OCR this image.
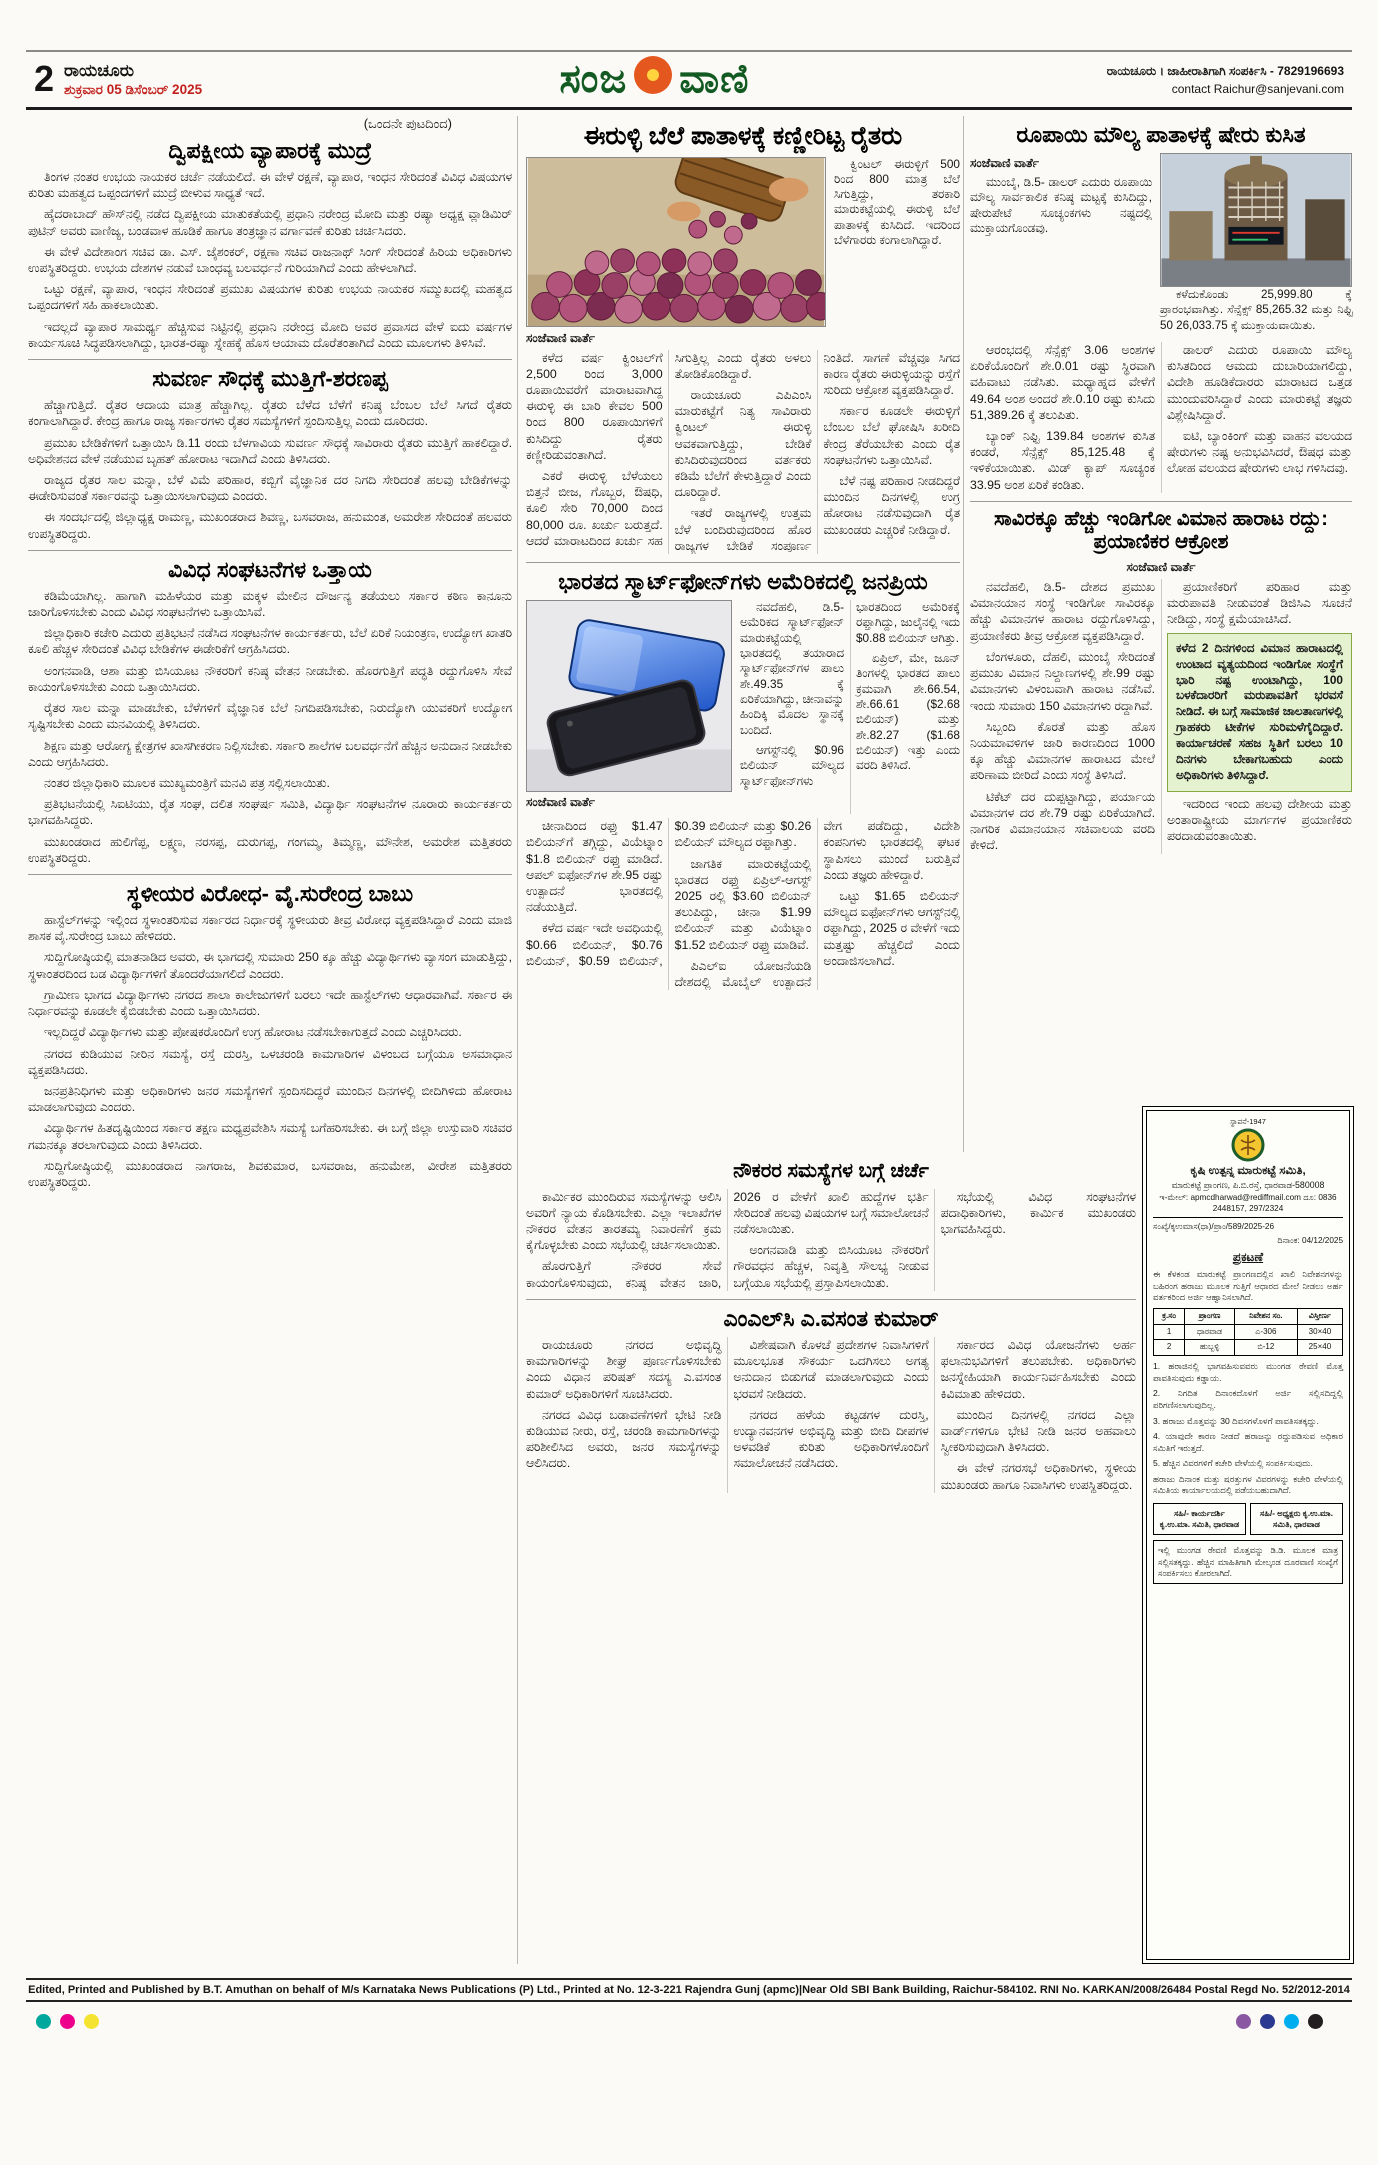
2 ರಾಯಚೂರು
ಶುಕ್ರವಾರ 05 ಡಿಸೆಂಬರ್ 2025	ಸಂಜ ವಾಣಿ	ರಾಯಚೂರು । ಜಾಹೀರಾತಿಗಾಗಿ ಸಂಪರ್ಕಿಸಿ - 7829196693
contact Raichur@sanjevani.com
(ಒಂದನೇ ಪುಟದಿಂದ)
ದ್ವಿಪಕ್ಷೀಯ ವ್ಯಾಪಾರಕ್ಕೆ ಮುದ್ರೆ

ತಿಂಗಳ ನಂತರ ಉಭಯ ನಾಯಕರ ಚರ್ಚೆ ನಡೆಯಲಿದೆ. ಈ ವೇಳೆ ರಕ್ಷಣೆ, ವ್ಯಾಪಾರ, ಇಂಧನ ಸೇರಿದಂತೆ ವಿವಿಧ ವಿಷಯಗಳ ಕುರಿತು ಮಹತ್ವದ ಒಪ್ಪಂದಗಳಿಗೆ ಮುದ್ರೆ ಬೀಳುವ ಸಾಧ್ಯತೆ ಇದೆ.

ಹೈದರಾಬಾದ್ ಹೌಸ್‌ನಲ್ಲಿ ನಡೆದ ದ್ವಿಪಕ್ಷೀಯ ಮಾತುಕತೆಯಲ್ಲಿ ಪ್ರಧಾನಿ ನರೇಂದ್ರ ಮೋದಿ ಮತ್ತು ರಷ್ಯಾ ಅಧ್ಯಕ್ಷ ವ್ಲಾಡಿಮಿರ್ ಪುಟಿನ್ ಅವರು ವಾಣಿಜ್ಯ, ಬಂಡವಾಳ ಹೂಡಿಕೆ ಹಾಗೂ ತಂತ್ರಜ್ಞಾನ ವರ್ಗಾವಣೆ ಕುರಿತು ಚರ್ಚಿಸಿದರು.

ಈ ವೇಳೆ ವಿದೇಶಾಂಗ ಸಚಿವ ಡಾ. ಎಸ್. ಜೈಶಂಕರ್, ರಕ್ಷಣಾ ಸಚಿವ ರಾಜನಾಥ್ ಸಿಂಗ್ ಸೇರಿದಂತೆ ಹಿರಿಯ ಅಧಿಕಾರಿಗಳು ಉಪಸ್ಥಿತರಿದ್ದರು. ಉಭಯ ದೇಶಗಳ ನಡುವೆ ಬಾಂಧವ್ಯ ಬಲವರ್ಧನೆ ಗುರಿಯಾಗಿದೆ ಎಂದು ಹೇಳಲಾಗಿದೆ.

ಒಟ್ಟು ರಕ್ಷಣೆ, ವ್ಯಾಪಾರ, ಇಂಧನ ಸೇರಿದಂತೆ ಪ್ರಮುಖ ವಿಷಯಗಳ ಕುರಿತು ಉಭಯ ನಾಯಕರ ಸಮ್ಮುಖದಲ್ಲಿ ಮಹತ್ವದ ಒಪ್ಪಂದಗಳಿಗೆ ಸಹಿ ಹಾಕಲಾಯಿತು.

ಇದಲ್ಲದೆ ವ್ಯಾಪಾರ ಸಾಮರ್ಥ್ಯ ಹೆಚ್ಚಿಸುವ ನಿಟ್ಟಿನಲ್ಲಿ ಪ್ರಧಾನಿ ನರೇಂದ್ರ ಮೋದಿ ಅವರ ಪ್ರವಾಸದ ವೇಳೆ ಐದು ವರ್ಷಗಳ ಕಾರ್ಯಸೂಚಿ ಸಿದ್ಧಪಡಿಸಲಾಗಿದ್ದು, ಭಾರತ-ರಷ್ಯಾ ಸ್ನೇಹಕ್ಕೆ ಹೊಸ ಆಯಾಮ ದೊರೆತಂತಾಗಿದೆ ಎಂದು ಮೂಲಗಳು ತಿಳಿಸಿವೆ.

ಸುವರ್ಣ ಸೌಧಕ್ಕೆ ಮುತ್ತಿಗೆ-ಶರಣಪ್ಪ

ಹೆಚ್ಚಾಗುತ್ತಿದೆ. ರೈತರ ಆದಾಯ ಮಾತ್ರ ಹೆಚ್ಚಾಗಿಲ್ಲ. ರೈತರು ಬೆಳೆದ ಬೆಳೆಗೆ ಕನಿಷ್ಠ ಬೆಂಬಲ ಬೆಲೆ ಸಿಗದೆ ರೈತರು ಕಂಗಾಲಾಗಿದ್ದಾರೆ. ಕೇಂದ್ರ ಹಾಗೂ ರಾಜ್ಯ ಸರ್ಕಾರಗಳು ರೈತರ ಸಮಸ್ಯೆಗಳಿಗೆ ಸ್ಪಂದಿಸುತ್ತಿಲ್ಲ ಎಂದು ದೂರಿದರು.

ಪ್ರಮುಖ ಬೇಡಿಕೆಗಳಿಗೆ ಒತ್ತಾಯಿಸಿ ಡಿ.11 ರಂದು ಬೆಳಗಾವಿಯ ಸುವರ್ಣ ಸೌಧಕ್ಕೆ ಸಾವಿರಾರು ರೈತರು ಮುತ್ತಿಗೆ ಹಾಕಲಿದ್ದಾರೆ. ಅಧಿವೇಶನದ ವೇಳೆ ನಡೆಯುವ ಬೃಹತ್ ಹೋರಾಟ ಇದಾಗಿದೆ ಎಂದು ತಿಳಿಸಿದರು.

ರಾಜ್ಯದ ರೈತರ ಸಾಲ ಮನ್ನಾ, ಬೆಳೆ ವಿಮೆ ಪರಿಹಾರ, ಕಬ್ಬಿಗೆ ವೈಜ್ಞಾನಿಕ ದರ ನಿಗದಿ ಸೇರಿದಂತೆ ಹಲವು ಬೇಡಿಕೆಗಳನ್ನು ಈಡೇರಿಸುವಂತೆ ಸರ್ಕಾರವನ್ನು ಒತ್ತಾಯಿಸಲಾಗುವುದು ಎಂದರು.

ಈ ಸಂದರ್ಭದಲ್ಲಿ ಜಿಲ್ಲಾಧ್ಯಕ್ಷ ರಾಮಣ್ಣ, ಮುಖಂಡರಾದ ಶಿವಣ್ಣ, ಬಸವರಾಜ, ಹನುಮಂತ, ಅಮರೇಶ ಸೇರಿದಂತೆ ಹಲವರು ಉಪಸ್ಥಿತರಿದ್ದರು.

ವಿವಿಧ ಸಂಘಟನೆಗಳ ಒತ್ತಾಯ

ಕಡಿಮೆಯಾಗಿಲ್ಲ. ಹಾಗಾಗಿ ಮಹಿಳೆಯರ ಮತ್ತು ಮಕ್ಕಳ ಮೇಲಿನ ದೌರ್ಜನ್ಯ ತಡೆಯಲು ಸರ್ಕಾರ ಕಠಿಣ ಕಾನೂನು ಜಾರಿಗೊಳಿಸಬೇಕು ಎಂದು ವಿವಿಧ ಸಂಘಟನೆಗಳು ಒತ್ತಾಯಿಸಿವೆ.

ಜಿಲ್ಲಾಧಿಕಾರಿ ಕಚೇರಿ ಎದುರು ಪ್ರತಿಭಟನೆ ನಡೆಸಿದ ಸಂಘಟನೆಗಳ ಕಾರ್ಯಕರ್ತರು, ಬೆಲೆ ಏರಿಕೆ ನಿಯಂತ್ರಣ, ಉದ್ಯೋಗ ಖಾತರಿ ಕೂಲಿ ಹೆಚ್ಚಳ ಸೇರಿದಂತೆ ವಿವಿಧ ಬೇಡಿಕೆಗಳ ಈಡೇರಿಕೆಗೆ ಆಗ್ರಹಿಸಿದರು.

ಅಂಗನವಾಡಿ, ಆಶಾ ಮತ್ತು ಬಿಸಿಯೂಟ ನೌಕರರಿಗೆ ಕನಿಷ್ಠ ವೇತನ ನೀಡಬೇಕು. ಹೊರಗುತ್ತಿಗೆ ಪದ್ಧತಿ ರದ್ದುಗೊಳಿಸಿ ಸೇವೆ ಕಾಯಂಗೊಳಿಸಬೇಕು ಎಂದು ಒತ್ತಾಯಿಸಿದರು.

ರೈತರ ಸಾಲ ಮನ್ನಾ ಮಾಡಬೇಕು, ಬೆಳೆಗಳಿಗೆ ವೈಜ್ಞಾನಿಕ ಬೆಲೆ ನಿಗದಿಪಡಿಸಬೇಕು, ನಿರುದ್ಯೋಗಿ ಯುವಕರಿಗೆ ಉದ್ಯೋಗ ಸೃಷ್ಟಿಸಬೇಕು ಎಂದು ಮನವಿಯಲ್ಲಿ ತಿಳಿಸಿದರು.

ಶಿಕ್ಷಣ ಮತ್ತು ಆರೋಗ್ಯ ಕ್ಷೇತ್ರಗಳ ಖಾಸಗೀಕರಣ ನಿಲ್ಲಿಸಬೇಕು. ಸರ್ಕಾರಿ ಶಾಲೆಗಳ ಬಲವರ್ಧನೆಗೆ ಹೆಚ್ಚಿನ ಅನುದಾನ ನೀಡಬೇಕು ಎಂದು ಆಗ್ರಹಿಸಿದರು.

ನಂತರ ಜಿಲ್ಲಾಧಿಕಾರಿ ಮೂಲಕ ಮುಖ್ಯಮಂತ್ರಿಗೆ ಮನವಿ ಪತ್ರ ಸಲ್ಲಿಸಲಾಯಿತು.

ಪ್ರತಿಭಟನೆಯಲ್ಲಿ ಸಿಐಟಿಯು, ರೈತ ಸಂಘ, ದಲಿತ ಸಂಘರ್ಷ ಸಮಿತಿ, ವಿದ್ಯಾರ್ಥಿ ಸಂಘಟನೆಗಳ ನೂರಾರು ಕಾರ್ಯಕರ್ತರು ಭಾಗವಹಿಸಿದ್ದರು.

ಮುಖಂಡರಾದ ಹುಲಿಗೆಪ್ಪ, ಲಕ್ಷ್ಮಣ, ನರಸಪ್ಪ, ದುರುಗಪ್ಪ, ಗಂಗಮ್ಮ, ತಿಮ್ಮಣ್ಣ, ಮೌನೇಶ, ಅಮರೇಶ ಮತ್ತಿತರರು ಉಪಸ್ಥಿತರಿದ್ದರು.

ಸ್ಥಳೀಯರ ವಿರೋಧ- ವೈ.ಸುರೇಂದ್ರ ಬಾಬು

ಹಾಸ್ಟೆಲ್‌ಗಳನ್ನು ಇಲ್ಲಿಂದ ಸ್ಥಳಾಂತರಿಸುವ ಸರ್ಕಾರದ ನಿರ್ಧಾರಕ್ಕೆ ಸ್ಥಳೀಯರು ತೀವ್ರ ವಿರೋಧ ವ್ಯಕ್ತಪಡಿಸಿದ್ದಾರೆ ಎಂದು ಮಾಜಿ ಶಾಸಕ ವೈ.ಸುರೇಂದ್ರ ಬಾಬು ಹೇಳಿದರು.

ಸುದ್ದಿಗೋಷ್ಠಿಯಲ್ಲಿ ಮಾತನಾಡಿದ ಅವರು, ಈ ಭಾಗದಲ್ಲಿ ಸುಮಾರು 250 ಕ್ಕೂ ಹೆಚ್ಚು ವಿದ್ಯಾರ್ಥಿಗಳು ವ್ಯಾಸಂಗ ಮಾಡುತ್ತಿದ್ದು, ಸ್ಥಳಾಂತರದಿಂದ ಬಡ ವಿದ್ಯಾರ್ಥಿಗಳಿಗೆ ತೊಂದರೆಯಾಗಲಿದೆ ಎಂದರು.

ಗ್ರಾಮೀಣ ಭಾಗದ ವಿದ್ಯಾರ್ಥಿಗಳು ನಗರದ ಶಾಲಾ ಕಾಲೇಜುಗಳಿಗೆ ಬರಲು ಇದೇ ಹಾಸ್ಟೆಲ್‌ಗಳು ಆಧಾರವಾಗಿವೆ. ಸರ್ಕಾರ ಈ ನಿರ್ಧಾರವನ್ನು ಕೂಡಲೇ ಕೈಬಿಡಬೇಕು ಎಂದು ಒತ್ತಾಯಿಸಿದರು.

ಇಲ್ಲದಿದ್ದರೆ ವಿದ್ಯಾರ್ಥಿಗಳು ಮತ್ತು ಪೋಷಕರೊಂದಿಗೆ ಉಗ್ರ ಹೋರಾಟ ನಡೆಸಬೇಕಾಗುತ್ತದೆ ಎಂದು ಎಚ್ಚರಿಸಿದರು.

ನಗರದ ಕುಡಿಯುವ ನೀರಿನ ಸಮಸ್ಯೆ, ರಸ್ತೆ ದುರಸ್ತಿ, ಒಳಚರಂಡಿ ಕಾಮಗಾರಿಗಳ ವಿಳಂಬದ ಬಗ್ಗೆಯೂ ಅಸಮಾಧಾನ ವ್ಯಕ್ತಪಡಿಸಿದರು.

ಜನಪ್ರತಿನಿಧಿಗಳು ಮತ್ತು ಅಧಿಕಾರಿಗಳು ಜನರ ಸಮಸ್ಯೆಗಳಿಗೆ ಸ್ಪಂದಿಸದಿದ್ದರೆ ಮುಂದಿನ ದಿನಗಳಲ್ಲಿ ಬೀದಿಗಿಳಿದು ಹೋರಾಟ ಮಾಡಲಾಗುವುದು ಎಂದರು.

ವಿದ್ಯಾರ್ಥಿಗಳ ಹಿತದೃಷ್ಟಿಯಿಂದ ಸರ್ಕಾರ ತಕ್ಷಣ ಮಧ್ಯಪ್ರವೇಶಿಸಿ ಸಮಸ್ಯೆ ಬಗೆಹರಿಸಬೇಕು. ಈ ಬಗ್ಗೆ ಜಿಲ್ಲಾ ಉಸ್ತುವಾರಿ ಸಚಿವರ ಗಮನಕ್ಕೂ ತರಲಾಗುವುದು ಎಂದು ತಿಳಿಸಿದರು.

ಸುದ್ದಿಗೋಷ್ಠಿಯಲ್ಲಿ ಮುಖಂಡರಾದ ನಾಗರಾಜ, ಶಿವಕುಮಾರ, ಬಸವರಾಜ, ಹನುಮೇಶ, ವೀರೇಶ ಮತ್ತಿತರರು ಉಪಸ್ಥಿತರಿದ್ದರು.

ಈರುಳ್ಳಿ ಬೆಲೆ ಪಾತಾಳಕ್ಕೆ ಕಣ್ಣೀರಿಟ್ಟ ರೈತರು

ಕ್ವಿಂಟಲ್ ಈರುಳ್ಳಿಗೆ 500 ರಿಂದ 800 ಮಾತ್ರ ಬೆಲೆ ಸಿಗುತ್ತಿದ್ದು, ತರಕಾರಿ ಮಾರುಕಟ್ಟೆಯಲ್ಲಿ ಈರುಳ್ಳಿ ಬೆಲೆ ಪಾತಾಳಕ್ಕೆ ಕುಸಿದಿದೆ. ಇದರಿಂದ ಬೆಳೆಗಾರರು ಕಂಗಾಲಾಗಿದ್ದಾರೆ.

ಸಂಜೆವಾಣಿ ವಾರ್ತೆ

ಕಳೆದ ವರ್ಷ ಕ್ವಿಂಟಲ್‌ಗೆ 2,500 ರಿಂದ 3,000 ರೂಪಾಯಿವರೆಗೆ ಮಾರಾಟವಾಗಿದ್ದ ಈರುಳ್ಳಿ ಈ ಬಾರಿ ಕೇವಲ 500 ರಿಂದ 800 ರೂಪಾಯಿಗಳಿಗೆ ಕುಸಿದಿದ್ದು ರೈತರು ಕಣ್ಣೀರಿಡುವಂತಾಗಿದೆ.

ಎಕರೆ ಈರುಳ್ಳಿ ಬೆಳೆಯಲು ಬಿತ್ತನೆ ಬೀಜ, ಗೊಬ್ಬರ, ಔಷಧಿ, ಕೂಲಿ ಸೇರಿ 70,000 ದಿಂದ 80,000 ರೂ. ಖರ್ಚು ಬರುತ್ತದೆ. ಆದರೆ ಮಾರಾಟದಿಂದ ಖರ್ಚು ಸಹ ಸಿಗುತ್ತಿಲ್ಲ ಎಂದು ರೈತರು ಅಳಲು ತೋಡಿಕೊಂಡಿದ್ದಾರೆ.

ರಾಯಚೂರು ಎಪಿಎಂಸಿ ಮಾರುಕಟ್ಟೆಗೆ ನಿತ್ಯ ಸಾವಿರಾರು ಕ್ವಿಂಟಲ್ ಈರುಳ್ಳಿ ಆವಕವಾಗುತ್ತಿದ್ದು, ಬೇಡಿಕೆ ಕುಸಿದಿರುವುದರಿಂದ ವರ್ತಕರು ಕಡಿಮೆ ಬೆಲೆಗೆ ಕೇಳುತ್ತಿದ್ದಾರೆ ಎಂದು ದೂರಿದ್ದಾರೆ.

ಇತರೆ ರಾಜ್ಯಗಳಲ್ಲಿ ಉತ್ತಮ ಬೆಳೆ ಬಂದಿರುವುದರಿಂದ ಹೊರ ರಾಜ್ಯಗಳ ಬೇಡಿಕೆ ಸಂಪೂರ್ಣ ನಿಂತಿದೆ. ಸಾಗಣೆ ವೆಚ್ಚವೂ ಸಿಗದ ಕಾರಣ ರೈತರು ಈರುಳ್ಳಿಯನ್ನು ರಸ್ತೆಗೆ ಸುರಿದು ಆಕ್ರೋಶ ವ್ಯಕ್ತಪಡಿಸಿದ್ದಾರೆ.

ಸರ್ಕಾರ ಕೂಡಲೇ ಈರುಳ್ಳಿಗೆ ಬೆಂಬಲ ಬೆಲೆ ಘೋಷಿಸಿ ಖರೀದಿ ಕೇಂದ್ರ ತೆರೆಯಬೇಕು ಎಂದು ರೈತ ಸಂಘಟನೆಗಳು ಒತ್ತಾಯಿಸಿವೆ.

ಬೆಳೆ ನಷ್ಟ ಪರಿಹಾರ ನೀಡದಿದ್ದರೆ ಮುಂದಿನ ದಿನಗಳಲ್ಲಿ ಉಗ್ರ ಹೋರಾಟ ನಡೆಸುವುದಾಗಿ ರೈತ ಮುಖಂಡರು ಎಚ್ಚರಿಕೆ ನೀಡಿದ್ದಾರೆ.

ಭಾರತದ ಸ್ಮಾರ್ಟ್‌ಫೋನ್‌ಗಳು ಅಮೆರಿಕದಲ್ಲಿ ಜನಪ್ರಿಯ
ಸಂಜೆವಾಣಿ ವಾರ್ತೆ

ನವದೆಹಲಿ, ಡಿ.5- ಅಮೆರಿಕದ ಸ್ಮಾರ್ಟ್‌ಫೋನ್ ಮಾರುಕಟ್ಟೆಯಲ್ಲಿ ಭಾರತದಲ್ಲಿ ತಯಾರಾದ ಸ್ಮಾರ್ಟ್‌ಫೋನ್‌ಗಳ ಪಾಲು ಶೇ.49.35 ಕ್ಕೆ ಏರಿಕೆಯಾಗಿದ್ದು, ಚೀನಾವನ್ನು ಹಿಂದಿಕ್ಕಿ ಮೊದಲ ಸ್ಥಾನಕ್ಕೆ ಬಂದಿದೆ.

ಆಗಸ್ಟ್‌ನಲ್ಲಿ $0.96 ಬಿಲಿಯನ್ ಮೌಲ್ಯದ ಸ್ಮಾರ್ಟ್‌ಫೋನ್‌ಗಳು ಭಾರತದಿಂದ ಅಮೆರಿಕಕ್ಕೆ ರಫ್ತಾಗಿದ್ದು, ಜುಲೈನಲ್ಲಿ ಇದು $0.88 ಬಿಲಿಯನ್ ಆಗಿತ್ತು.

ಏಪ್ರಿಲ್, ಮೇ, ಜೂನ್ ತಿಂಗಳಲ್ಲಿ ಭಾರತದ ಪಾಲು ಕ್ರಮವಾಗಿ ಶೇ.66.54, ಶೇ.66.61 ($2.68 ಬಿಲಿಯನ್) ಮತ್ತು ಶೇ.82.27 ($1.68 ಬಿಲಿಯನ್) ಇತ್ತು ಎಂದು ವರದಿ ತಿಳಿಸಿದೆ.

ಚೀನಾದಿಂದ ರಫ್ತು $1.47 ಬಿಲಿಯನ್‌ಗೆ ತಗ್ಗಿದ್ದು, ವಿಯೆಟ್ನಾಂ $1.8 ಬಿಲಿಯನ್ ರಫ್ತು ಮಾಡಿದೆ. ಆಪಲ್ ಐಫೋನ್‌ಗಳ ಶೇ.95 ರಷ್ಟು ಉತ್ಪಾದನೆ ಭಾರತದಲ್ಲಿ ನಡೆಯುತ್ತಿದೆ.

ಕಳೆದ ವರ್ಷ ಇದೇ ಅವಧಿಯಲ್ಲಿ $0.66 ಬಿಲಿಯನ್, $0.76 ಬಿಲಿಯನ್, $0.59 ಬಿಲಿಯನ್, $0.39 ಬಿಲಿಯನ್ ಮತ್ತು $0.26 ಬಿಲಿಯನ್ ಮೌಲ್ಯದ ರಫ್ತಾಗಿತ್ತು.

ಜಾಗತಿಕ ಮಾರುಕಟ್ಟೆಯಲ್ಲಿ ಭಾರತದ ರಫ್ತು ಏಪ್ರಿಲ್-ಆಗಸ್ಟ್ 2025 ರಲ್ಲಿ $3.60 ಬಿಲಿಯನ್ ತಲುಪಿದ್ದು, ಚೀನಾ $1.99 ಬಿಲಿಯನ್ ಮತ್ತು ವಿಯೆಟ್ನಾಂ $1.52 ಬಿಲಿಯನ್ ರಫ್ತು ಮಾಡಿವೆ.

ಪಿಎಲ್‌ಐ ಯೋಜನೆಯಡಿ ದೇಶದಲ್ಲಿ ಮೊಬೈಲ್ ಉತ್ಪಾದನೆ ವೇಗ ಪಡೆದಿದ್ದು, ವಿದೇಶಿ ಕಂಪನಿಗಳು ಭಾರತದಲ್ಲಿ ಘಟಕ ಸ್ಥಾಪಿಸಲು ಮುಂದೆ ಬರುತ್ತಿವೆ ಎಂದು ತಜ್ಞರು ಹೇಳಿದ್ದಾರೆ.

ಒಟ್ಟು $1.65 ಬಿಲಿಯನ್ ಮೌಲ್ಯದ ಐಫೋನ್‌ಗಳು ಆಗಸ್ಟ್‌ನಲ್ಲಿ ರಫ್ತಾಗಿದ್ದು, 2025 ರ ವೇಳೆಗೆ ಇದು ಮತ್ತಷ್ಟು ಹೆಚ್ಚಲಿದೆ ಎಂದು ಅಂದಾಜಿಸಲಾಗಿದೆ.

ರೂಪಾಯಿ ಮೌಲ್ಯ ಪಾತಾಳಕ್ಕೆ ಷೇರು ಕುಸಿತ
ಸಂಜೆವಾಣಿ ವಾರ್ತೆ

ಮುಂಬೈ, ಡಿ.5- ಡಾಲರ್ ಎದುರು ರೂಪಾಯಿ ಮೌಲ್ಯ ಸಾರ್ವಕಾಲಿಕ ಕನಿಷ್ಠ ಮಟ್ಟಕ್ಕೆ ಕುಸಿದಿದ್ದು, ಷೇರುಪೇಟೆ ಸೂಚ್ಯಂಕಗಳು ನಷ್ಟದಲ್ಲಿ ಮುಕ್ತಾಯಗೊಂಡವು.

ಕಳೆದುಕೊಂಡು 25,999.80 ಕ್ಕೆ ಪ್ರಾರಂಭವಾಗಿತ್ತು. ಸೆನ್ಸೆಕ್ಸ್ 85,265.32 ಮತ್ತು ನಿಫ್ಟಿ 50 26,033.75 ಕ್ಕೆ ಮುಕ್ತಾಯವಾಯಿತು.

ಆರಂಭದಲ್ಲಿ ಸೆನ್ಸೆಕ್ಸ್ 3.06 ಅಂಶಗಳ ಏರಿಕೆಯೊಂದಿಗೆ ಶೇ.0.01 ರಷ್ಟು ಸ್ಥಿರವಾಗಿ ವಹಿವಾಟು ನಡೆಸಿತು. ಮಧ್ಯಾಹ್ನದ ವೇಳೆಗೆ 49.64 ಅಂಶ ಅಂದರೆ ಶೇ.0.10 ರಷ್ಟು ಕುಸಿದು 51,389.26 ಕ್ಕೆ ತಲುಪಿತು.

ಬ್ಯಾಂಕ್ ನಿಫ್ಟಿ 139.84 ಅಂಶಗಳ ಕುಸಿತ ಕಂಡರೆ, ಸೆನ್ಸೆಕ್ಸ್ 85,125.48 ಕ್ಕೆ ಇಳಿಕೆಯಾಯಿತು. ಮಿಡ್ ಕ್ಯಾಪ್ ಸೂಚ್ಯಂಕ 33.95 ಅಂಶ ಏರಿಕೆ ಕಂಡಿತು.

ಡಾಲರ್ ಎದುರು ರೂಪಾಯಿ ಮೌಲ್ಯ ಕುಸಿತದಿಂದ ಆಮದು ದುಬಾರಿಯಾಗಲಿದ್ದು, ವಿದೇಶಿ ಹೂಡಿಕೆದಾರರು ಮಾರಾಟದ ಒತ್ತಡ ಮುಂದುವರಿಸಿದ್ದಾರೆ ಎಂದು ಮಾರುಕಟ್ಟೆ ತಜ್ಞರು ವಿಶ್ಲೇಷಿಸಿದ್ದಾರೆ.

ಐಟಿ, ಬ್ಯಾಂಕಿಂಗ್ ಮತ್ತು ವಾಹನ ವಲಯದ ಷೇರುಗಳು ನಷ್ಟ ಅನುಭವಿಸಿದರೆ, ಔಷಧ ಮತ್ತು ಲೋಹ ವಲಯದ ಷೇರುಗಳು ಲಾಭ ಗಳಿಸಿದವು.

ಸಾವಿರಕ್ಕೂ ಹೆಚ್ಚು ಇಂಡಿಗೋ ವಿಮಾನ ಹಾರಾಟ ರದ್ದು: ಪ್ರಯಾಣಿಕರ ಆಕ್ರೋಶ
ಸಂಜೆವಾಣಿ ವಾರ್ತೆ

ನವದೆಹಲಿ, ಡಿ.5- ದೇಶದ ಪ್ರಮುಖ ವಿಮಾನಯಾನ ಸಂಸ್ಥೆ ಇಂಡಿಗೋ ಸಾವಿರಕ್ಕೂ ಹೆಚ್ಚು ವಿಮಾನಗಳ ಹಾರಾಟ ರದ್ದುಗೊಳಿಸಿದ್ದು, ಪ್ರಯಾಣಿಕರು ತೀವ್ರ ಆಕ್ರೋಶ ವ್ಯಕ್ತಪಡಿಸಿದ್ದಾರೆ.

ಬೆಂಗಳೂರು, ದೆಹಲಿ, ಮುಂಬೈ ಸೇರಿದಂತೆ ಪ್ರಮುಖ ವಿಮಾನ ನಿಲ್ದಾಣಗಳಲ್ಲಿ ಶೇ.99 ರಷ್ಟು ವಿಮಾನಗಳು ವಿಳಂಬವಾಗಿ ಹಾರಾಟ ನಡೆಸಿವೆ. ಇಂದು ಸುಮಾರು 150 ವಿಮಾನಗಳು ರದ್ದಾಗಿವೆ.

ಸಿಬ್ಬಂದಿ ಕೊರತೆ ಮತ್ತು ಹೊಸ ನಿಯಮಾವಳಿಗಳ ಜಾರಿ ಕಾರಣದಿಂದ 1000 ಕ್ಕೂ ಹೆಚ್ಚು ವಿಮಾನಗಳ ಹಾರಾಟದ ಮೇಲೆ ಪರಿಣಾಮ ಬೀರಿದೆ ಎಂದು ಸಂಸ್ಥೆ ತಿಳಿಸಿದೆ.

ಟಿಕೆಟ್ ದರ ದುಪ್ಪಟ್ಟಾಗಿದ್ದು, ಪರ್ಯಾಯ ವಿಮಾನಗಳ ದರ ಶೇ.79 ರಷ್ಟು ಏರಿಕೆಯಾಗಿದೆ. ನಾಗರಿಕ ವಿಮಾನಯಾನ ಸಚಿವಾಲಯ ವರದಿ ಕೇಳಿದೆ.

ಪ್ರಯಾಣಿಕರಿಗೆ ಪರಿಹಾರ ಮತ್ತು ಮರುಪಾವತಿ ನೀಡುವಂತೆ ಡಿಜಿಸಿಎ ಸೂಚನೆ ನೀಡಿದ್ದು, ಸಂಸ್ಥೆ ಕ್ಷಮೆಯಾಚಿಸಿದೆ.

ಕಳೆದ 2 ದಿನಗಳಿಂದ ವಿಮಾನ ಹಾರಾಟದಲ್ಲಿ ಉಂಟಾದ ವ್ಯತ್ಯಯದಿಂದ ಇಂಡಿಗೋ ಸಂಸ್ಥೆಗೆ ಭಾರಿ ನಷ್ಟ ಉಂಟಾಗಿದ್ದು, 100 ಬಳಕೆದಾರರಿಗೆ ಮರುಪಾವತಿಗೆ ಭರವಸೆ ನೀಡಿದೆ. ಈ ಬಗ್ಗೆ ಸಾಮಾಜಿಕ ಜಾಲತಾಣಗಳಲ್ಲಿ ಗ್ರಾಹಕರು ಟೀಕೆಗಳ ಸುರಿಮಳೆಗೈದಿದ್ದಾರೆ. ಕಾರ್ಯಾಚರಣೆ ಸಹಜ ಸ್ಥಿತಿಗೆ ಬರಲು 10 ದಿನಗಳು ಬೇಕಾಗಬಹುದು ಎಂದು ಅಧಿಕಾರಿಗಳು ತಿಳಿಸಿದ್ದಾರೆ.

ಇದರಿಂದ ಇಂದು ಹಲವು ದೇಶೀಯ ಮತ್ತು ಅಂತಾರಾಷ್ಟ್ರೀಯ ಮಾರ್ಗಗಳ ಪ್ರಯಾಣಿಕರು ಪರದಾಡುವಂತಾಯಿತು.

ನೌಕರರ ಸಮಸ್ಯೆಗಳ ಬಗ್ಗೆ ಚರ್ಚೆ

ಕಾರ್ಮಿಕರ ಮುಂದಿರುವ ಸಮಸ್ಯೆಗಳನ್ನು ಆಲಿಸಿ ಅವರಿಗೆ ನ್ಯಾಯ ಕೊಡಿಸಬೇಕು. ಎಲ್ಲಾ ಇಲಾಖೆಗಳ ನೌಕರರ ವೇತನ ತಾರತಮ್ಯ ನಿವಾರಣೆಗೆ ಕ್ರಮ ಕೈಗೊಳ್ಳಬೇಕು ಎಂದು ಸಭೆಯಲ್ಲಿ ಚರ್ಚಿಸಲಾಯಿತು.

ಹೊರಗುತ್ತಿಗೆ ನೌಕರರ ಸೇವೆ ಕಾಯಂಗೊಳಿಸುವುದು, ಕನಿಷ್ಠ ವೇತನ ಜಾರಿ, 2026 ರ ವೇಳೆಗೆ ಖಾಲಿ ಹುದ್ದೆಗಳ ಭರ್ತಿ ಸೇರಿದಂತೆ ಹಲವು ವಿಷಯಗಳ ಬಗ್ಗೆ ಸಮಾಲೋಚನೆ ನಡೆಸಲಾಯಿತು.

ಅಂಗನವಾಡಿ ಮತ್ತು ಬಿಸಿಯೂಟ ನೌಕರರಿಗೆ ಗೌರವಧನ ಹೆಚ್ಚಳ, ನಿವೃತ್ತಿ ಸೌಲಭ್ಯ ನೀಡುವ ಬಗ್ಗೆಯೂ ಸಭೆಯಲ್ಲಿ ಪ್ರಸ್ತಾಪಿಸಲಾಯಿತು.

ಸಭೆಯಲ್ಲಿ ವಿವಿಧ ಸಂಘಟನೆಗಳ ಪದಾಧಿಕಾರಿಗಳು, ಕಾರ್ಮಿಕ ಮುಖಂಡರು ಭಾಗವಹಿಸಿದ್ದರು.

ಎಂಎಲ್‌ಸಿ ಎ.ವಸಂತ ಕುಮಾರ್

ರಾಯಚೂರು ನಗರದ ಅಭಿವೃದ್ಧಿ ಕಾಮಗಾರಿಗಳನ್ನು ಶೀಘ್ರ ಪೂರ್ಣಗೊಳಿಸಬೇಕು ಎಂದು ವಿಧಾನ ಪರಿಷತ್ ಸದಸ್ಯ ಎ.ವಸಂತ ಕುಮಾರ್ ಅಧಿಕಾರಿಗಳಿಗೆ ಸೂಚಿಸಿದರು.

ನಗರದ ವಿವಿಧ ಬಡಾವಣೆಗಳಿಗೆ ಭೇಟಿ ನೀಡಿ ಕುಡಿಯುವ ನೀರು, ರಸ್ತೆ, ಚರಂಡಿ ಕಾಮಗಾರಿಗಳನ್ನು ಪರಿಶೀಲಿಸಿದ ಅವರು, ಜನರ ಸಮಸ್ಯೆಗಳನ್ನು ಆಲಿಸಿದರು.

ವಿಶೇಷವಾಗಿ ಕೊಳಚೆ ಪ್ರದೇಶಗಳ ನಿವಾಸಿಗಳಿಗೆ ಮೂಲಭೂತ ಸೌಕರ್ಯ ಒದಗಿಸಲು ಅಗತ್ಯ ಅನುದಾನ ಬಿಡುಗಡೆ ಮಾಡಲಾಗುವುದು ಎಂದು ಭರವಸೆ ನೀಡಿದರು.

ನಗರದ ಹಳೆಯ ಕಟ್ಟಡಗಳ ದುರಸ್ತಿ, ಉದ್ಯಾನವನಗಳ ಅಭಿವೃದ್ಧಿ ಮತ್ತು ಬೀದಿ ದೀಪಗಳ ಅಳವಡಿಕೆ ಕುರಿತು ಅಧಿಕಾರಿಗಳೊಂದಿಗೆ ಸಮಾಲೋಚನೆ ನಡೆಸಿದರು.

ಸರ್ಕಾರದ ವಿವಿಧ ಯೋಜನೆಗಳು ಅರ್ಹ ಫಲಾನುಭವಿಗಳಿಗೆ ತಲುಪಬೇಕು. ಅಧಿಕಾರಿಗಳು ಜನಸ್ನೇಹಿಯಾಗಿ ಕಾರ್ಯನಿರ್ವಹಿಸಬೇಕು ಎಂದು ಕಿವಿಮಾತು ಹೇಳಿದರು.

ಮುಂದಿನ ದಿನಗಳಲ್ಲಿ ನಗರದ ಎಲ್ಲಾ ವಾರ್ಡ್‌ಗಳಿಗೂ ಭೇಟಿ ನೀಡಿ ಜನರ ಅಹವಾಲು ಸ್ವೀಕರಿಸುವುದಾಗಿ ತಿಳಿಸಿದರು.

ಈ ವೇಳೆ ನಗರಸಭೆ ಅಧಿಕಾರಿಗಳು, ಸ್ಥಳೀಯ ಮುಖಂಡರು ಹಾಗೂ ನಿವಾಸಿಗಳು ಉಪಸ್ಥಿತರಿದ್ದರು.

ಸ್ಥಾಪನೆ-1947
ಕೃಷಿ ಉತ್ಪನ್ನ ಮಾರುಕಟ್ಟೆ ಸಮಿತಿ,
ಮಾರುಕಟ್ಟೆ ಪ್ರಾಂಗಣ, ಪಿ.ಬಿ.ರಸ್ತೆ, ಧಾರವಾಡ-580008
ಇ-ಮೇಲ್: apmcdharwad@rediffmail.com ದೂ: 0836 2448157, 297/2324
ಸಂಖ್ಯೆ/ಕೃಉಮಾಸ(ಧಾ)/ಪ್ರಾಂ/589/2025-26
ದಿನಾಂಕ: 04/12/2025
ಪ್ರಕಟಣೆ

ಈ ಕೆಳಕಂಡ ಮಾರುಕಟ್ಟೆ ಪ್ರಾಂಗಣದಲ್ಲಿನ ಖಾಲಿ ನಿವೇಶನಗಳನ್ನು ಬಹಿರಂಗ ಹರಾಜು ಮೂಲಕ ಗುತ್ತಿಗೆ ಆಧಾರದ ಮೇಲೆ ನೀಡಲು ಅರ್ಹ ವರ್ತಕರಿಂದ ಅರ್ಜಿ ಆಹ್ವಾನಿಸಲಾಗಿದೆ.

ಕ್ರ.ಸಂ	ಪ್ರಾಂಗಣ	ನಿವೇಶನ ಸಂ.	ವಿಸ್ತೀರ್ಣ
1	ಧಾರವಾಡ	ಎ-306	30×40
2	ಹುಬ್ಬಳ್ಳಿ	ಬಿ-12	25×40

1. ಹರಾಜಿನಲ್ಲಿ ಭಾಗವಹಿಸುವವರು ಮುಂಗಡ ಠೇವಣಿ ಮೊತ್ತ ಪಾವತಿಸುವುದು ಕಡ್ಡಾಯ.

2. ನಿಗದಿತ ದಿನಾಂಕದೊಳಗೆ ಅರ್ಜಿ ಸಲ್ಲಿಸದಿದ್ದಲ್ಲಿ ಪರಿಗಣಿಸಲಾಗುವುದಿಲ್ಲ.

3. ಹರಾಜು ಮೊತ್ತವನ್ನು 30 ದಿವಸಗಳೊಳಗೆ ಪಾವತಿಸತಕ್ಕದ್ದು.

4. ಯಾವುದೇ ಕಾರಣ ನೀಡದೆ ಹರಾಜನ್ನು ರದ್ದುಪಡಿಸುವ ಅಧಿಕಾರ ಸಮಿತಿಗೆ ಇರುತ್ತದೆ.

5. ಹೆಚ್ಚಿನ ವಿವರಗಳಿಗೆ ಕಚೇರಿ ವೇಳೆಯಲ್ಲಿ ಸಂಪರ್ಕಿಸುವುದು.

ಹರಾಜು ದಿನಾಂಕ ಮತ್ತು ಷರತ್ತುಗಳ ವಿವರಗಳನ್ನು ಕಚೇರಿ ವೇಳೆಯಲ್ಲಿ ಸಮಿತಿಯ ಕಾರ್ಯಾಲಯದಲ್ಲಿ ಪಡೆಯಬಹುದಾಗಿದೆ.

ಸಹಿ/- ಕಾರ್ಯದರ್ಶಿ ಕೃ.ಉ.ಮಾ. ಸಮಿತಿ, ಧಾರವಾಡ
ಸಹಿ/- ಅಧ್ಯಕ್ಷರು ಕೃ.ಉ.ಮಾ. ಸಮಿತಿ, ಧಾರವಾಡ
ಇಲ್ಲಿ ಮುಂಗಡ ಠೇವಣಿ ಮೊತ್ತವನ್ನು ಡಿ.ಡಿ. ಮೂಲಕ ಮಾತ್ರ ಸಲ್ಲಿಸತಕ್ಕದ್ದು. ಹೆಚ್ಚಿನ ಮಾಹಿತಿಗಾಗಿ ಮೇಲ್ಕಂಡ ದೂರವಾಣಿ ಸಂಖ್ಯೆಗೆ ಸಂಪರ್ಕಿಸಲು ಕೋರಲಾಗಿದೆ.
Edited, Printed and Published by B.T. Amuthan on behalf of M/s Karnataka News Publications (P) Ltd., Printed at No. 12-3-221 Rajendra Gunj (apmc)|Near Old SBI Bank Building, Raichur-584102. RNI No. KARKAN/2008/26484 Postal Regd No. 52/2012-2014
